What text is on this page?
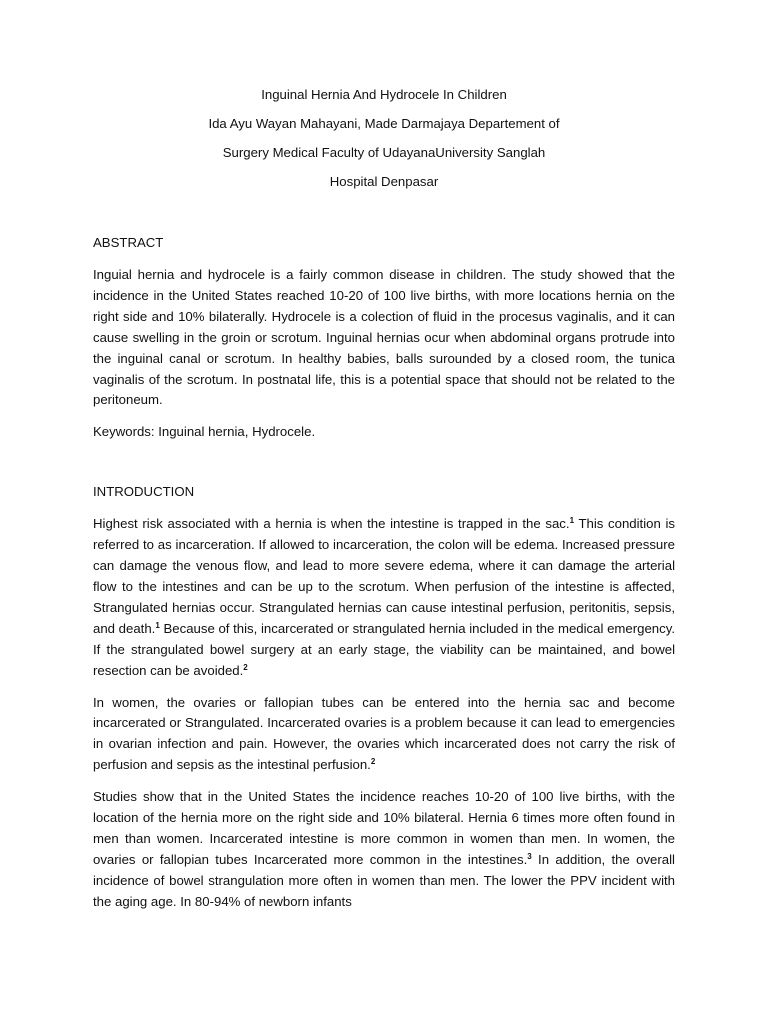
Inguinal Hernia And Hydrocele In Children

Ida Ayu Wayan Mahayani, Made Darmajaya Departement of

Surgery Medical Faculty of UdayanaUniversity Sanglah

Hospital Denpasar

ABSTRACT

Inguial hernia and hydrocele is a fairly common disease in children. The study showed that the incidence in the United States reached 10-20 of 100 live births, with more locations hernia on the right side and 10% bilaterally. Hydrocele is a colection of fluid in the procesus vaginalis, and it can cause swelling in the groin or scrotum. Inguinal hernias ocur when abdominal organs protrude into the inguinal canal or scrotum. In healthy babies, balls surounded by a closed room, the tunica vaginalis of the scrotum. In postnatal life, this is a potential space that should not be related to the peritoneum.

Keywords: Inguinal hernia, Hydrocele.

INTRODUCTION

Highest risk associated with a hernia is when the intestine is trapped in the sac.$^1$ This condition is referred to as incarceration. If allowed to incarceration, the colon will be edema. Increased pressure can damage the venous flow, and lead to more severe edema, where it can damage the arterial flow to the intestines and can be up to the scrotum. When perfusion of the intestine is affected, Strangulated hernias occur. Strangulated hernias can cause intestinal perfusion, peritonitis, sepsis, and death.$^1$ Because of this, incarcerated or strangulated hernia included in the medical emergency. If the strangulated bowel surgery at an early stage, the viability can be maintained, and bowel resection can be avoided.$^2$

In women, the ovaries or fallopian tubes can be entered into the hernia sac and become incarcerated or Strangulated. Incarcerated ovaries is a problem because it can lead to emergencies in ovarian infection and pain. However, the ovaries which incarcerated does not carry the risk of perfusion and sepsis as the intestinal perfusion.$^2$

Studies show that in the United States the incidence reaches 10-20 of 100 live births, with the location of the hernia more on the right side and 10% bilateral. Hernia 6 times more often found in men than women. Incarcerated intestine is more common in women than men. In women, the ovaries or fallopian tubes Incarcerated more common in the intestines.$^3$ In addition, the overall incidence of bowel strangulation more often in women than men. The lower the PPV incident with the aging age. In 80-94% of newborn infants
